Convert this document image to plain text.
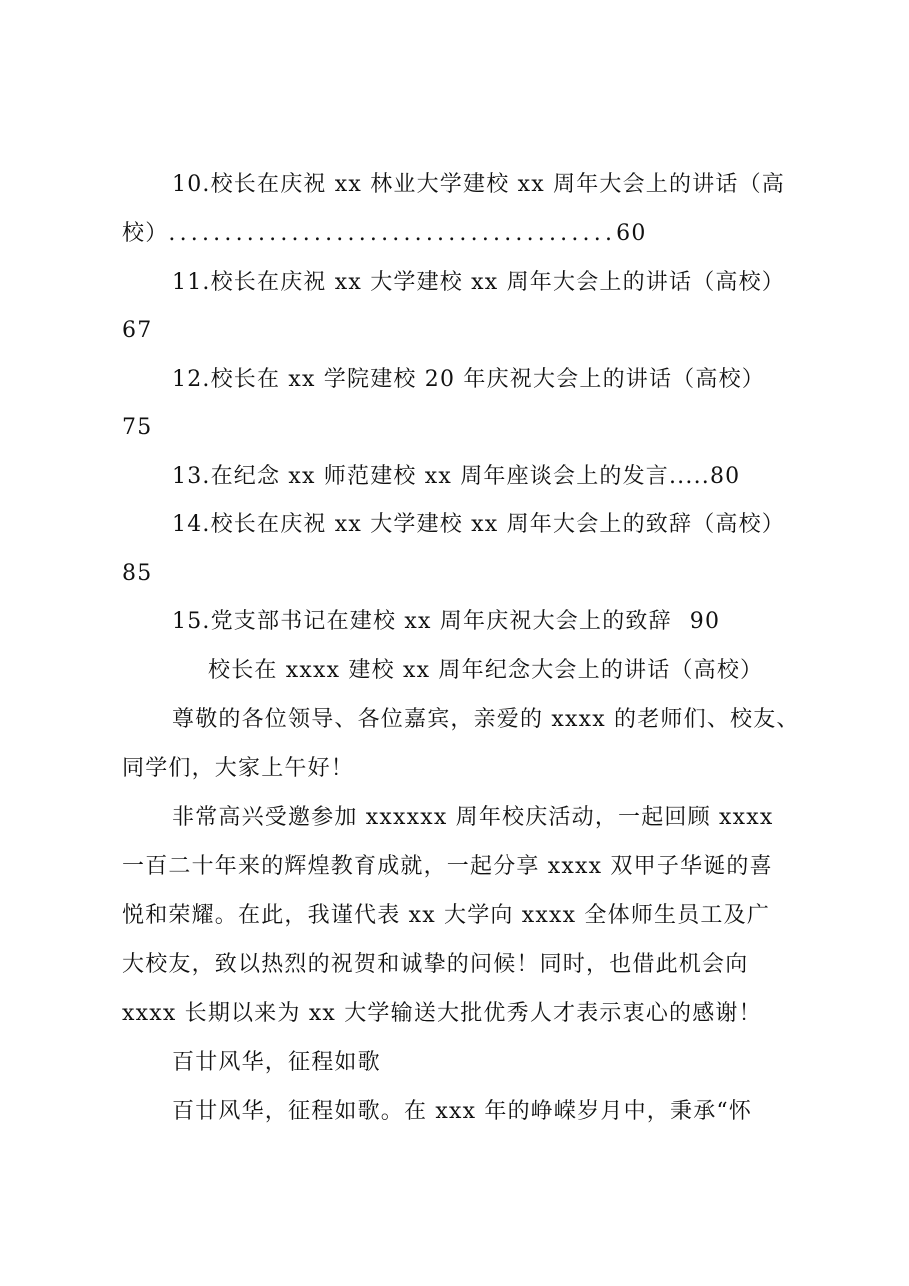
10.校长在庆祝 xx 林业大学建校 xx 周年大会上的讲话（高
校）........................................60
11.校长在庆祝 xx 大学建校 xx 周年大会上的讲话（高校）
67
12.校长在 xx 学院建校 20 年庆祝大会上的讲话（高校）
75
13.在纪念 xx 师范建校 xx 周年座谈会上的发言.....80
14.校长在庆祝 xx 大学建校 xx 周年大会上的致辞（高校）
85
15.党支部书记在建校 xx 周年庆祝大会上的致辞 90
校长在 xxxx 建校 xx 周年纪念大会上的讲话（高校）
尊敬的各位领导、各位嘉宾，亲爱的 xxxx 的老师们、校友、
同学们，大家上午好！
非常高兴受邀参加 xxxxxx 周年校庆活动，一起回顾 xxxx
一百二十年来的辉煌教育成就，一起分享 xxxx 双甲子华诞的喜
悦和荣耀。在此，我谨代表 xx 大学向 xxxx 全体师生员工及广
大校友，致以热烈的祝贺和诚挚的问候！同时，也借此机会向
xxxx 长期以来为 xx 大学输送大批优秀人才表示衷心的感谢！
百廿风华，征程如歌
百廿风华，征程如歌。在 xxx 年的峥嵘岁月中，秉承“怀
